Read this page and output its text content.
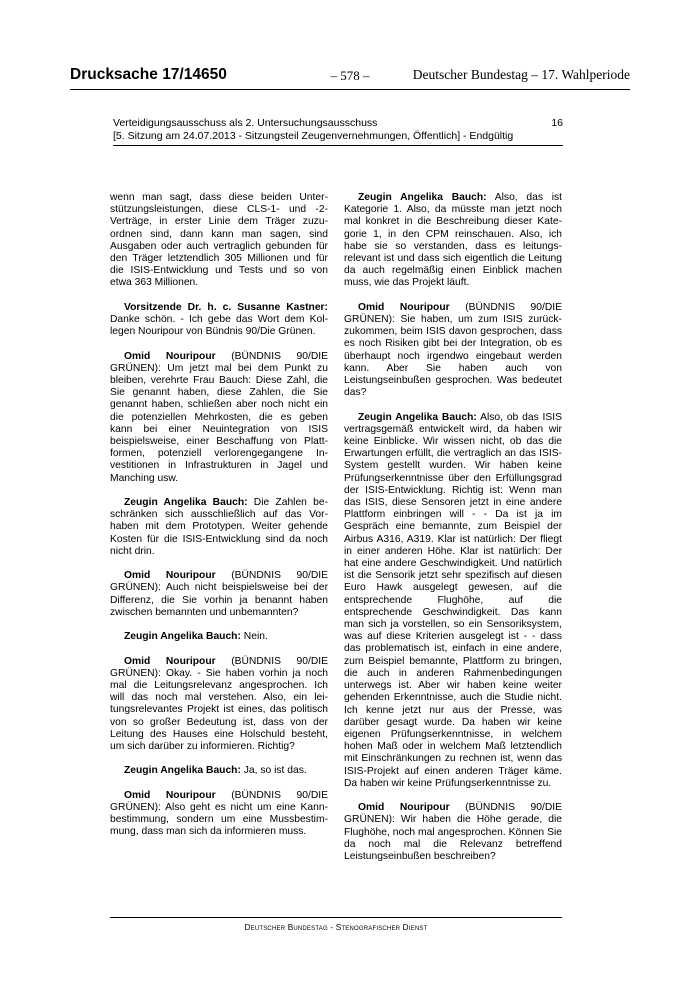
Drucksache 17/14650	– 578 –	Deutscher Bundestag – 17. Wahlperiode
Verteidigungsausschuss als 2. Untersuchungsausschuss
[5. Sitzung am 24.07.2013 - Sitzungsteil Zeugenvernehmungen, Öffentlich] - Endgültig
16

wenn man sagt, dass diese beiden Unterstützungsleistungen, diese CLS-1- und -2-Verträge, in erster Linie dem Träger zuzuordnen sind, dann kann man sagen, sind Ausgaben oder auch vertraglich gebunden für den Träger letztendlich 305 Millionen und für die ISIS-Entwicklung und Tests und so von etwa 363 Millionen.

Vorsitzende Dr. h. c. Susanne Kastner: Danke schön. - Ich gebe das Wort dem Kollegen Nouripour von Bündnis 90/Die Grünen.

Omid Nouripour (BÜNDNIS 90/DIE GRÜNEN): Um jetzt mal bei dem Punkt zu bleiben, verehrte Frau Bauch: Diese Zahl, die Sie genannt haben, diese Zahlen, die Sie genannt haben, schließen aber noch nicht ein die potenziellen Mehrkosten, die es geben kann bei einer Neuintegration von ISIS beispielsweise, einer Beschaffung von Plattformen, potenziell verlorengegangene Investitionen in Infrastrukturen in Jagel und Manching usw.

Zeugin Angelika Bauch: Die Zahlen beschränken sich ausschließlich auf das Vorhaben mit dem Prototypen. Weiter gehende Kosten für die ISIS-Entwicklung sind da noch nicht drin.

Omid Nouripour (BÜNDNIS 90/DIE GRÜNEN): Auch nicht beispielsweise bei der Differenz, die Sie vorhin ja benannt haben zwischen bemannten und unbemannten?

Zeugin Angelika Bauch: Nein.

Omid Nouripour (BÜNDNIS 90/DIE GRÜNEN): Okay. - Sie haben vorhin ja noch mal die Leitungsrelevanz angesprochen. Ich will das noch mal verstehen. Also, ein leitungsrelevantes Projekt ist eines, das politisch von so großer Bedeutung ist, dass von der Leitung des Hauses eine Holschuld besteht, um sich darüber zu informieren. Richtig?

Zeugin Angelika Bauch: Ja, so ist das.

Omid Nouripour (BÜNDNIS 90/DIE GRÜNEN): Also geht es nicht um eine Kannbestimmung, sondern um eine Mussbestimmung, dass man sich da informieren muss.

Zeugin Angelika Bauch: Also, das ist Kategorie 1. Also, da müsste man jetzt noch mal konkret in die Beschreibung dieser Kategorie 1, in den CPM reinschauen. Also, ich habe sie so verstanden, dass es leitungsrelevant ist und dass sich eigentlich die Leitung da auch regelmäßig einen Einblick machen muss, wie das Projekt läuft.

Omid Nouripour (BÜNDNIS 90/DIE GRÜNEN): Sie haben, um zum ISIS zurückzukommen, beim ISIS davon gesprochen, dass es noch Risiken gibt bei der Integration, ob es überhaupt noch irgendwo eingebaut werden kann. Aber Sie haben auch von Leistungseinbußen gesprochen. Was bedeutet das?

Zeugin Angelika Bauch: Also, ob das ISIS vertragsgemäß entwickelt wird, da haben wir keine Einblicke. Wir wissen nicht, ob das die Erwartungen erfüllt, die vertraglich an das ISIS-System gestellt wurden. Wir haben keine Prüfungserkenntnisse über den Erfüllungsgrad der ISIS-Entwicklung. Richtig ist: Wenn man das ISIS, diese Sensoren jetzt in eine andere Plattform einbringen will - - Da ist ja im Gespräch eine bemannte, zum Beispiel der Airbus A316, A319. Klar ist natürlich: Der fliegt in einer anderen Höhe. Klar ist natürlich: Der hat eine andere Geschwindigkeit. Und natürlich ist die Sensorik jetzt sehr spezifisch auf diesen Euro Hawk ausgelegt gewesen, auf die entsprechende Flughöhe, auf die entsprechende Geschwindigkeit. Das kann man sich ja vorstellen, so ein Sensoriksystem, was auf diese Kriterien ausgelegt ist - - dass das problematisch ist, einfach in eine andere, zum Beispiel bemannte, Plattform zu bringen, die auch in anderen Rahmenbedingungen unterwegs ist. Aber wir haben keine weiter gehenden Erkenntnisse, auch die Studie nicht. Ich kenne jetzt nur aus der Presse, was darüber gesagt wurde. Da haben wir keine eigenen Prüfungserkenntnisse, in welchem hohen Maß oder in welchem Maß letztendlich mit Einschränkungen zu rechnen ist, wenn das ISIS-Projekt auf einen anderen Träger käme. Da haben wir keine Prüfungserkenntnisse zu.

Omid Nouripour (BÜNDNIS 90/DIE GRÜNEN): Wir haben die Höhe gerade, die Flughöhe, noch mal angesprochen. Können Sie da noch mal die Relevanz betreffend Leistungseinbußen beschreiben?

Deutscher Bundestag - Stenografischer Dienst
